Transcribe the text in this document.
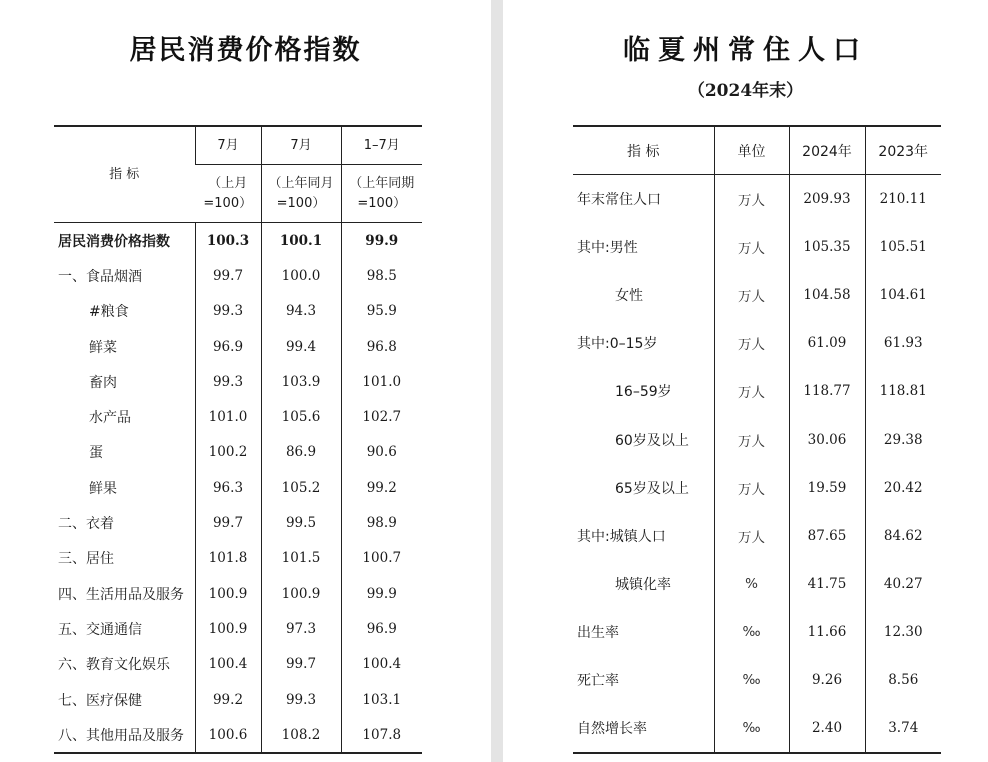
居民消费价格指数
指 标	7月	7月	1–7月
	（上月=100）	（上年同月=100）	（上年同期=100）
居民消费价格指数	100.3	100.1	99.9
一、食品烟酒	99.7	100.0	98.5
#粮食	99.3	94.3	95.9
鲜菜	96.9	99.4	96.8
畜肉	99.3	103.9	101.0
水产品	101.0	105.6	102.7
蛋	100.2	86.9	90.6
鲜果	96.3	105.2	99.2
二、衣着	99.7	99.5	98.9
三、居住	101.8	101.5	100.7
四、生活用品及服务	100.9	100.9	99.9
五、交通通信	100.9	97.3	96.9
六、教育文化娱乐	100.4	99.7	100.4
七、医疗保健	99.2	99.3	103.1
八、其他用品及服务	100.6	108.2	107.8
临夏州常住人口
（2024年末）
指 标	单位	2024年	2023年
年末常住人口	万人	209.93	210.11
其中:男性	万人	105.35	105.51
女性	万人	104.58	104.61
其中:0–15岁	万人	61.09	61.93
16–59岁	万人	118.77	118.81
60岁及以上	万人	30.06	29.38
65岁及以上	万人	19.59	20.42
其中:城镇人口	万人	87.65	84.62
城镇化率	%	41.75	40.27
出生率	‰	11.66	12.30
死亡率	‰	9.26	8.56
自然增长率	‰	2.40	3.74
